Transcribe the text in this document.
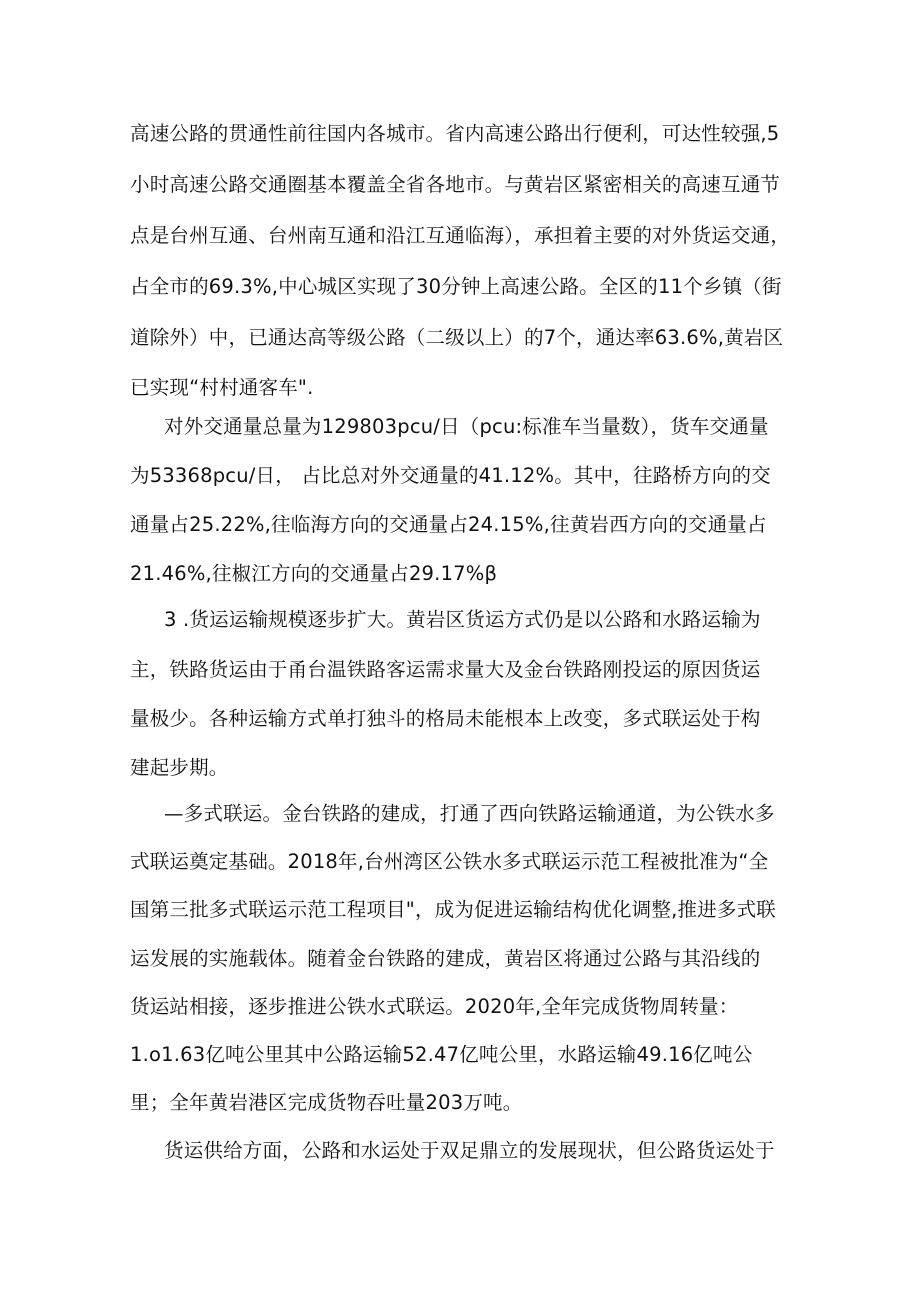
高速公路的贯通性前往国内各城市。省内高速公路出行便利，可达性较强,5
小时高速公路交通圈基本覆盖全省各地市。与黄岩区紧密相关的高速互通节
点是台州互通、台州南互通和沿江互通临海），承担着主要的对外货运交通，
占全市的69.3%,中心城区实现了30分钟上高速公路。全区的11个乡镇（街
道除外）中，已通达高等级公路（二级以上）的7个，通达率63.6%,黄岩区
已实现“村村通客车".
对外交通量总量为129803pcu/日（pcu:标准车当量数），货车交通量
为53368pcu/日， 占比总对外交通量的41.12%。其中，往路桥方向的交
通量占25.22%,往临海方向的交通量占24.15%,往黄岩西方向的交通量占
21.46%,往椒江方向的交通量占29.17%β
3 .货运运输规模逐步扩大。黄岩区货运方式仍是以公路和水路运输为
主，铁路货运由于甬台温铁路客运需求量大及金台铁路刚投运的原因货运
量极少。各种运输方式单打独斗的格局未能根本上改变，多式联运处于构
建起步期。
—多式联运。金台铁路的建成，打通了西向铁路运输通道，为公铁水多
式联运奠定基础。2018年,台州湾区公铁水多式联运示范工程被批准为“全
国第三批多式联运示范工程项目"，成为促进运输结构优化调整,推进多式联
运发展的实施载体。随着金台铁路的建成，黄岩区将通过公路与其沿线的
货运站相接，逐步推进公铁水式联运。2020年,全年完成货物周转量：
1.o1.63亿吨公里其中公路运输52.47亿吨公里，水路运输49.16亿吨公
里；全年黄岩港区完成货物吞吐量203万吨。
货运供给方面，公路和水运处于双足鼎立的发展现状，但公路货运处于
